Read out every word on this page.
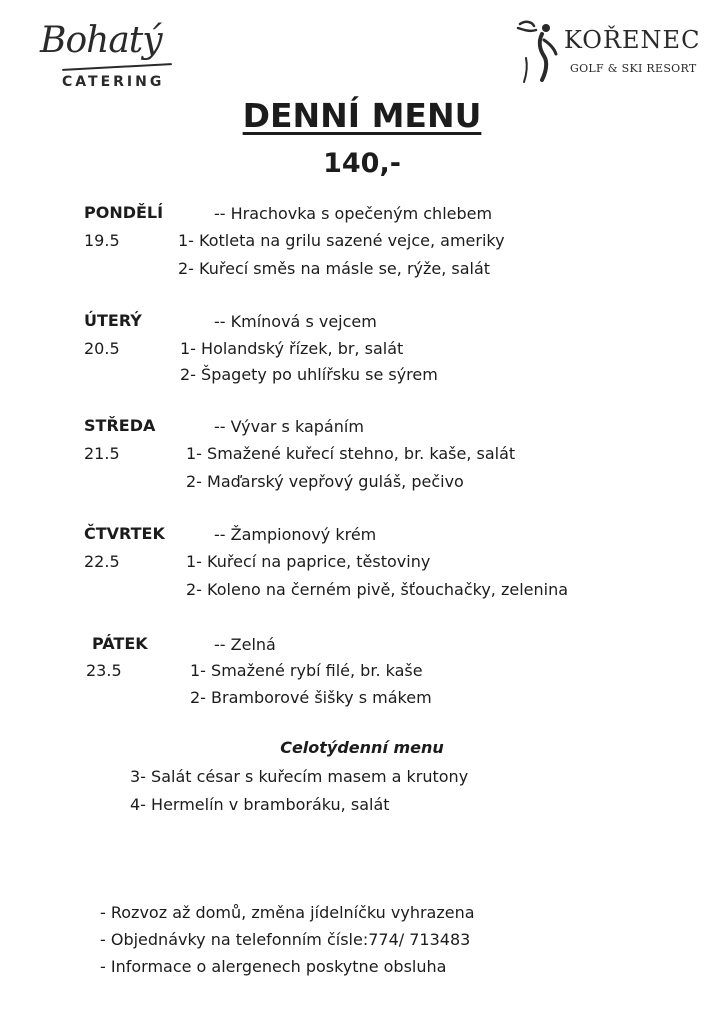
Bohatý
CATERING
KOŘENEC
GOLF & SKI RESORT
DENNÍ MENU
140,-
PONDĚLÍ	-- Hrachovka s opečeným chlebem
19.5	1- Kotleta na grilu sazené vejce, ameriky
2- Kuřecí směs na másle se, rýže, salát
ÚTERÝ	-- Kmínová s vejcem
20.5	1- Holandský řízek, br, salát
2- Špagety po uhlířsku se sýrem
STŘEDA	-- Vývar s kapáním
21.5	1- Smažené kuřecí stehno, br. kaše, salát
2- Maďarský vepřový guláš, pečivo
ČTVRTEK	-- Žampionový krém
22.5	1- Kuřecí na paprice, těstoviny
2- Koleno na černém pivě, šťouchačky, zelenina
PÁTEK	-- Zelná
23.5	1- Smažené rybí filé, br. kaše
2- Bramborové šišky s mákem
Celotýdenní menu
3- Salát césar s kuřecím masem a krutony
4- Hermelín v bramboráku, salát
- Rozvoz až domů, změna jídelníčku vyhrazena
- Objednávky na telefonním čísle:774/ 713483
- Informace o alergenech poskytne obsluha
